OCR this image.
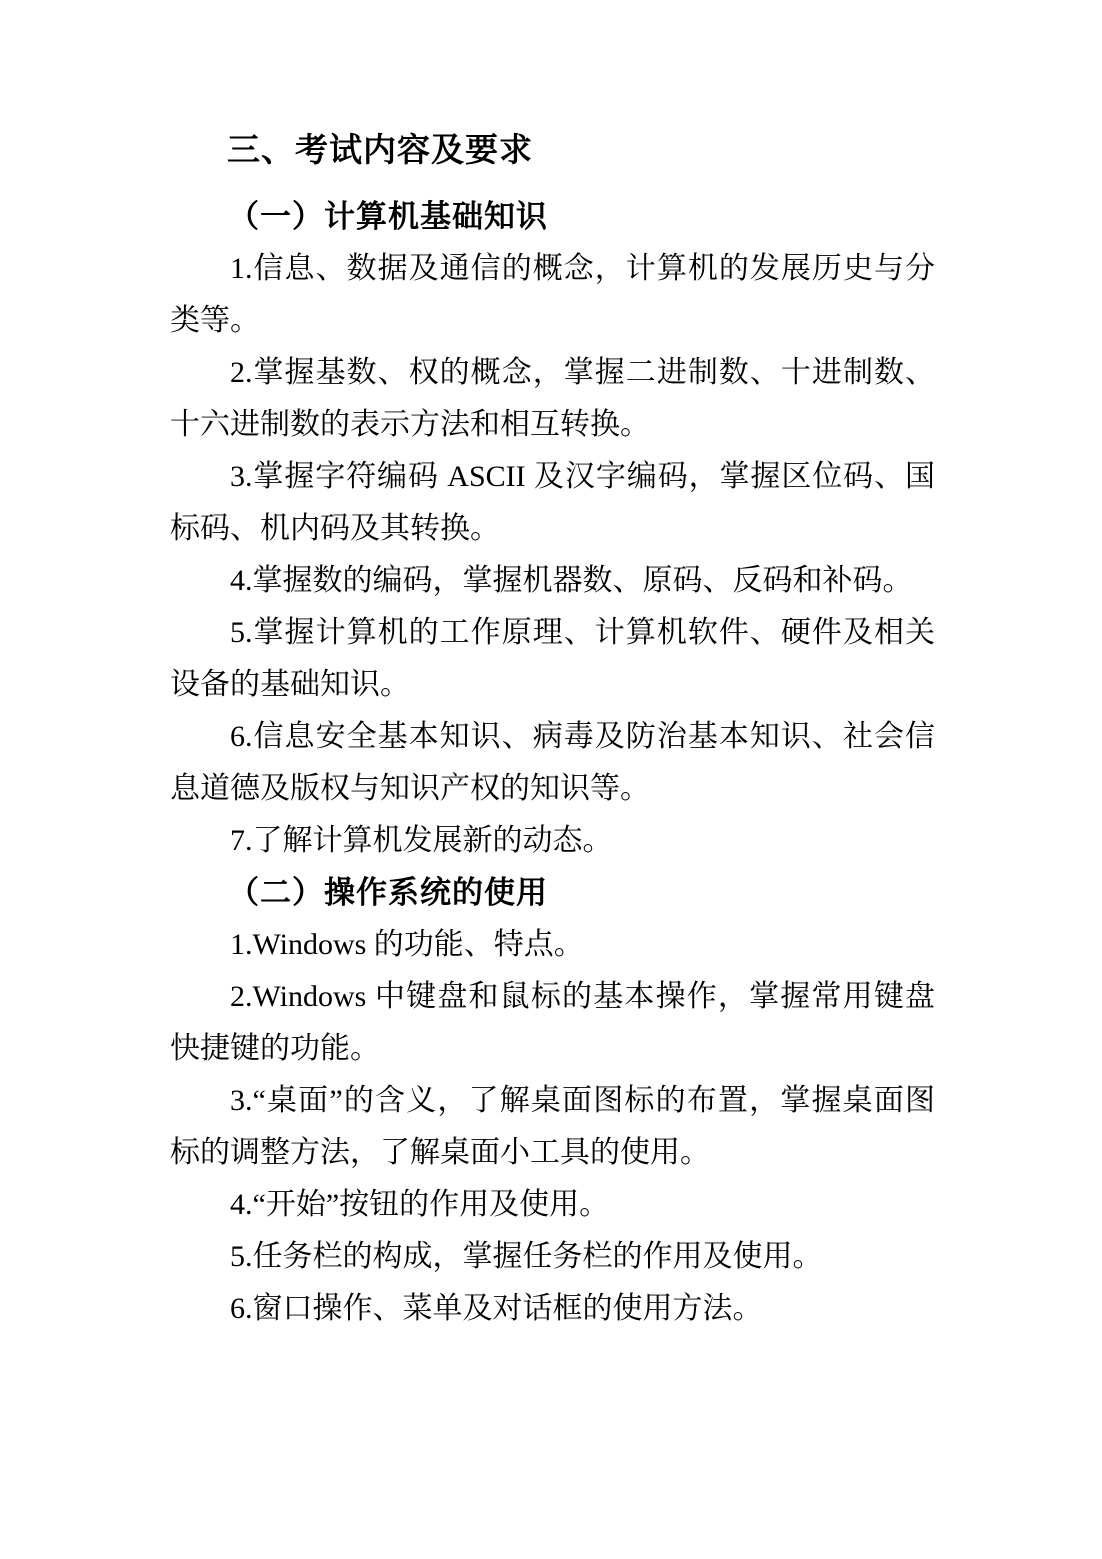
三、考试内容及要求
（一）计算机基础知识

1.信息、数据及通信的概念，计算机的发展历史与分类等。

2.掌握基数、权的概念，掌握二进制数、十进制数、十六进制数的表示方法和相互转换。

3.掌握字符编码 ASCII 及汉字编码，掌握区位码、国标码、机内码及其转换。

4.掌握数的编码，掌握机器数、原码、反码和补码。

5.掌握计算机的工作原理、计算机软件、硬件及相关设备的基础知识。

6.信息安全基本知识、病毒及防治基本知识、社会信息道德及版权与知识产权的知识等。

7.了解计算机发展新的动态。

（二）操作系统的使用

1.Windows 的功能、特点。

2.Windows 中键盘和鼠标的基本操作，掌握常用键盘快捷键的功能。

3.“桌面”的含义，了解桌面图标的布置，掌握桌面图标的调整方法，了解桌面小工具的使用。

4.“开始”按钮的作用及使用。

5.任务栏的构成，掌握任务栏的作用及使用。

6.窗口操作、菜单及对话框的使用方法。
